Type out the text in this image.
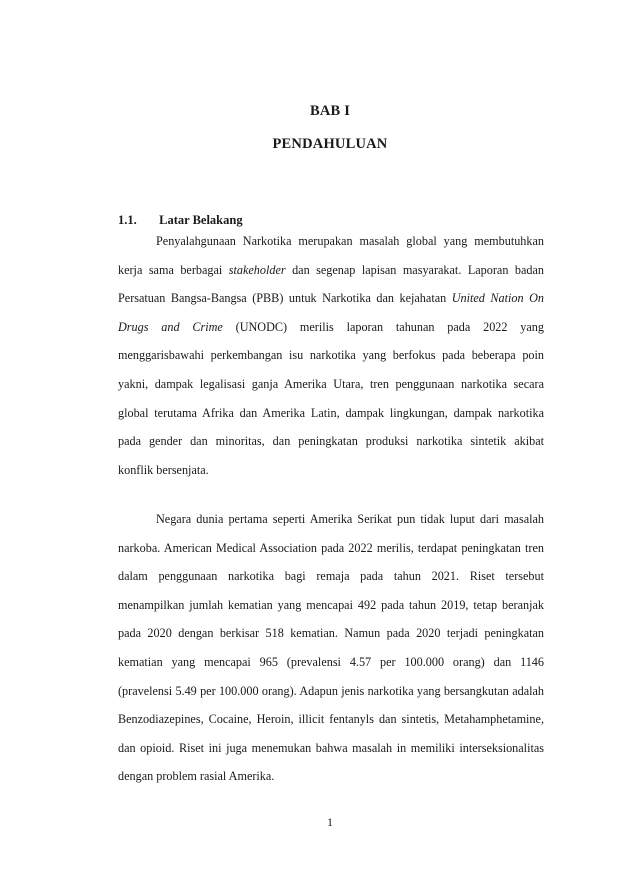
BAB I
PENDAHULUAN
1.1. Latar Belakang
Penyalahgunaan Narkotika merupakan masalah global yang membutuhkan
kerja sama berbagai stakeholder dan segenap lapisan masyarakat. Laporan badan
Persatuan Bangsa-Bangsa (PBB) untuk Narkotika dan kejahatan United Nation On
Drugs and Crime (UNODC) merilis laporan tahunan pada 2022 yang
menggarisbawahi perkembangan isu narkotika yang berfokus pada beberapa poin
yakni, dampak legalisasi ganja Amerika Utara, tren penggunaan narkotika secara
global terutama Afrika dan Amerika Latin, dampak lingkungan, dampak narkotika
pada gender dan minoritas, dan peningkatan produksi narkotika sintetik akibat
konflik bersenjata.
Negara dunia pertama seperti Amerika Serikat pun tidak luput dari masalah
narkoba. American Medical Association pada 2022 merilis, terdapat peningkatan tren
dalam penggunaan narkotika bagi remaja pada tahun 2021. Riset tersebut
menampilkan jumlah kematian yang mencapai 492 pada tahun 2019, tetap beranjak
pada 2020 dengan berkisar 518 kematian. Namun pada 2020 terjadi peningkatan
kematian yang mencapai 965 (prevalensi 4.57 per 100.000 orang) dan 1146
(pravelensi 5.49 per 100.000 orang). Adapun jenis narkotika yang bersangkutan adalah
Benzodiazepines, Cocaine, Heroin, illicit fentanyls dan sintetis, Metahamphetamine,
dan opioid. Riset ini juga menemukan bahwa masalah in memiliki interseksionalitas
dengan problem rasial Amerika.
1
